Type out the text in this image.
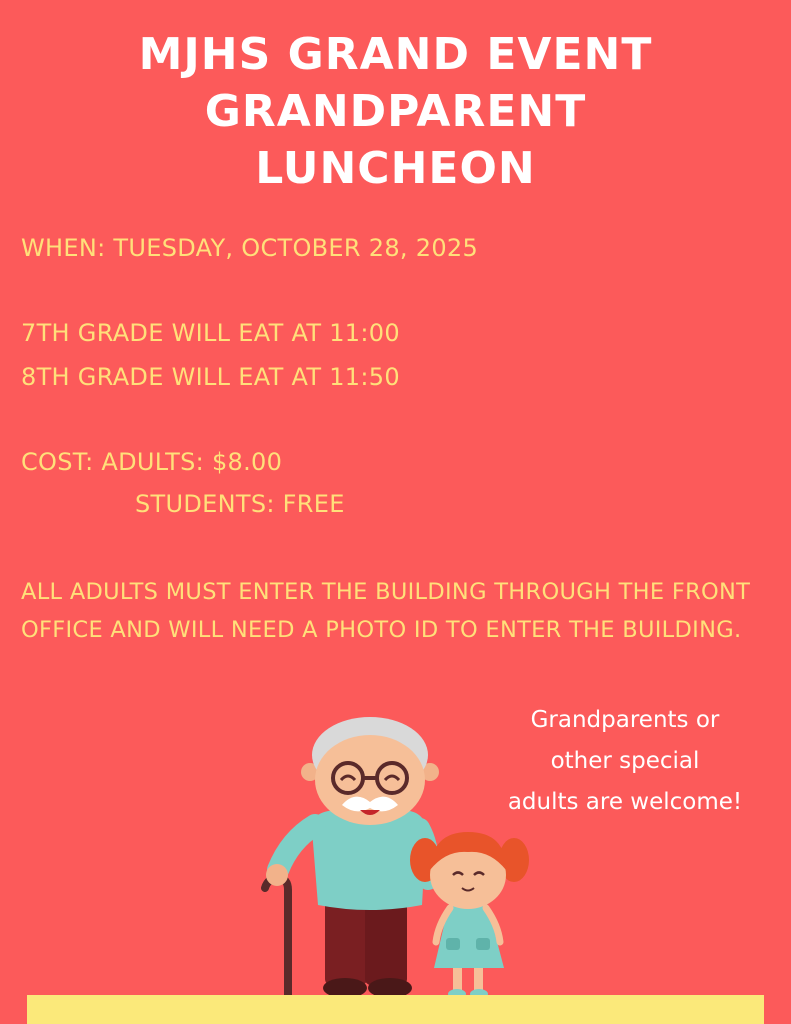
MJHS GRAND EVENT
GRANDPARENT
LUNCHEON

WHEN: TUESDAY, OCTOBER 28, 2025

7TH GRADE WILL EAT AT 11:00

8TH GRADE WILL EAT AT 11:50

COST: ADULTS: $8.00

STUDENTS: FREE

ALL ADULTS MUST ENTER THE BUILDING THROUGH THE FRONT OFFICE AND WILL NEED A PHOTO ID TO ENTER THE BUILDING.

Grandparents or
other special
adults are welcome!
